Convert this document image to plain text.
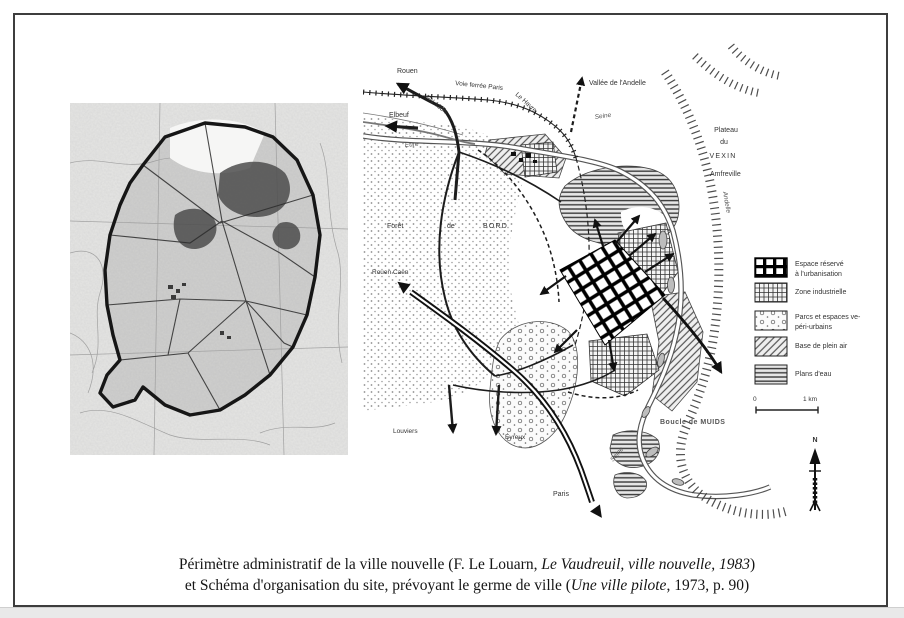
Rouen
RN 13bis
Voie ferrée Paris
Le Havre
Elbeuf
Eure
Vallée de l'Andelle
Seine
Plateau
du
VEXIN
Amfreville
Andelle
Forêt	de	BORD
Rouen Caen
Louviers
Évreux
Paris
Boucle de MUIDS
Seine
Espace réservé
à l'urbanisation
Zone industrielle
Parcs et espaces ve-
péri-urbains
Base de plein air
Plans d'eau
0	1 km
N
Périmètre administratif de la ville nouvelle (F. Le Louarn, Le Vaudreuil, ville nouvelle, 1983)
et Schéma d'organisation du site, prévoyant le germe de ville (Une ville pilote, 1973, p. 90)
